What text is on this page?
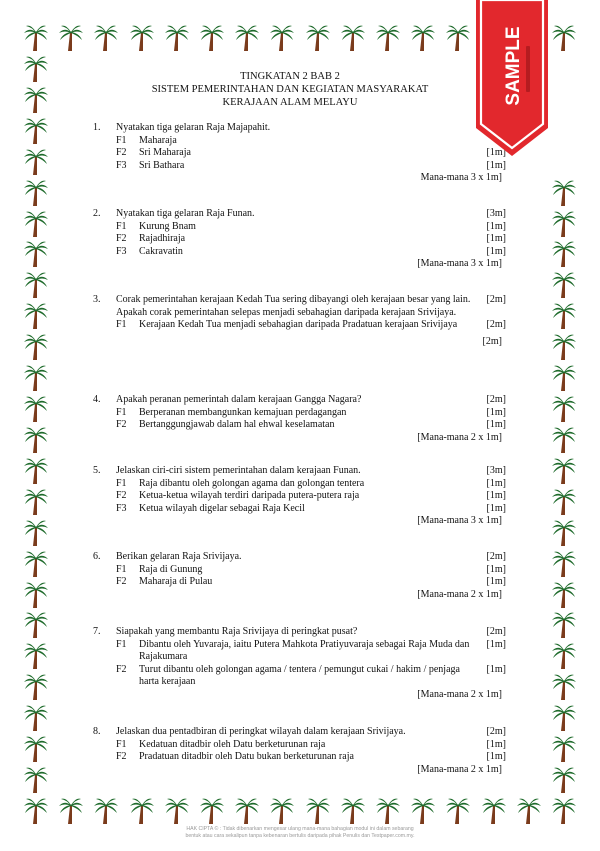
TINGKATAN 2 BAB 2
SISTEM PEMERINTAHAN DAN KEGIATAN MASYARAKAT
KERAJAAN ALAM MELAYU
1. Nyatakan tiga gelaran Raja Majapahit.
F1 Maharaja
F2 Sri Maharaja	[1m]
F3 Sri Bathara	[1m]
Mana-mana 3 x 1m]
2. Nyatakan tiga gelaran Raja Funan.	[3m]
F1 Kurung Bnam	[1m]
F2 Rajadhiraja	[1m]
F3 Cakravatin	[1m]
[Mana-mana 3 x 1m]
3. Corak pemerintahan kerajaan Kedah Tua sering dibayangi oleh kerajaan besar yang lain. Apakah corak pemerintahan selepas menjadi sebahagian daripada kerajaan Srivijaya.
[2m]
F1 Kerajaan Kedah Tua menjadi sebahagian daripada Pradatuan kerajaan Srivijaya	[2m]
[2m]
4. Apakah peranan pemerintah dalam kerajaan Gangga Nagara?	[2m]
F1 Berperanan membangunkan kemajuan perdagangan	[1m]
F2 Bertanggungjawab dalam hal ehwal keselamatan	[1m]
[Mana-mana 2 x 1m]
5. Jelaskan ciri-ciri sistem pemerintahan dalam kerajaan Funan.	[3m]
F1 Raja dibantu oleh golongan agama dan golongan tentera	[1m]
F2 Ketua-ketua wilayah terdiri daripada putera-putera raja	[1m]
F3 Ketua wilayah digelar sebagai Raja Kecil	[1m]
[Mana-mana 3 x 1m]
6. Berikan gelaran Raja Srivijaya.	[2m]
F1 Raja di Gunung	[1m]
F2 Maharaja di Pulau	[1m]
[Mana-mana 2 x 1m]
7. Siapakah yang membantu Raja Srivijaya di peringkat pusat?	[2m]
F1 Dibantu oleh Yuvaraja, iaitu Putera Mahkota Pratiyuvaraja sebagai Raja Muda dan Rajakumara
[1m]
F2 Turut dibantu oleh golongan agama / tentera / pemungut cukai / hakim / penjaga harta kerajaan
[1m]
[Mana-mana 2 x 1m]
8. Jelaskan dua pentadbiran di peringkat wilayah dalam kerajaan Srivijaya.	[2m]
F1 Kedatuan ditadbir oleh Datu berketurunan raja	[1m]
F2 Pradatuan ditadbir oleh Datu bukan berketurunan raja	[1m]
[Mana-mana 2 x 1m]
HAK CIPTA © : Tidak dibenarkan mengesar ulang mana-mana bahagian modul ini dalam sebarang
bentuk atau cara sekalipun tanpa kebenaran bertulis daripada pihak Penulis dan Testpaper.com.my.
SAMPLE
